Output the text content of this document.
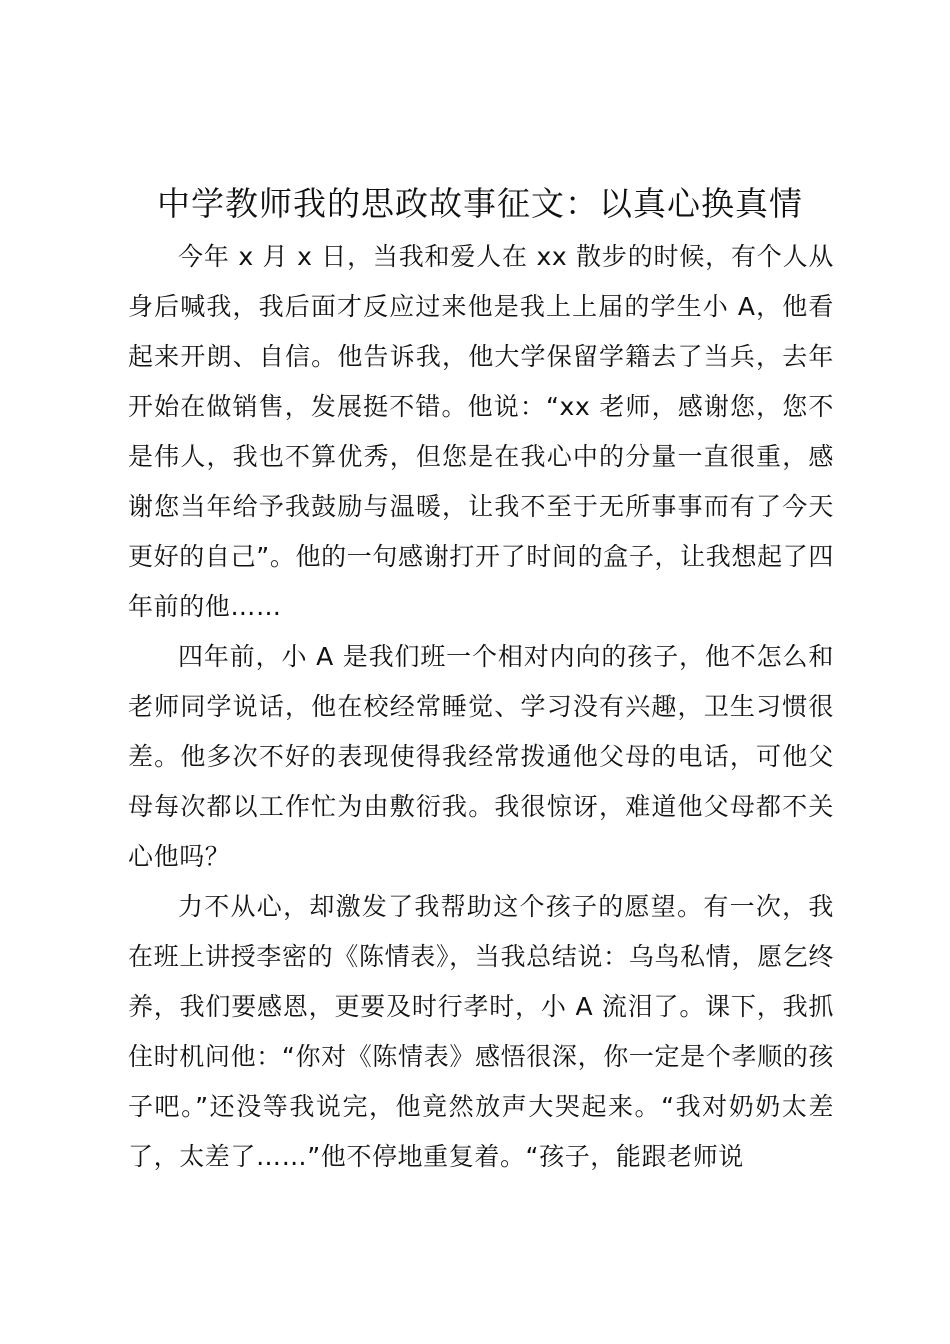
中学教师我的思政故事征文：以真心换真情

今年 x 月 x 日，当我和爱人在 xx 散步的时候，有个人从身后喊我，我后面才反应过来他是我上上届的学生小 A，他看起来开朗、自信。他告诉我，他大学保留学籍去了当兵，去年开始在做销售，发展挺不错。他说：“xx 老师，感谢您，您不是伟人，我也不算优秀，但您是在我心中的分量一直很重，感谢您当年给予我鼓励与温暖，让我不至于无所事事而有了今天更好的自己”。他的一句感谢打开了时间的盒子，让我想起了四年前的他……

四年前，小 A 是我们班一个相对内向的孩子，他不怎么和老师同学说话，他在校经常睡觉、学习没有兴趣，卫生习惯很差。他多次不好的表现使得我经常拨通他父母的电话，可他父母每次都以工作忙为由敷衍我。我很惊讶，难道他父母都不关心他吗？

力不从心，却激发了我帮助这个孩子的愿望。有一次，我在班上讲授李密的《陈情表》，当我总结说：乌鸟私情，愿乞终养，我们要感恩，更要及时行孝时，小 A 流泪了。课下，我抓住时机问他：“你对《陈情表》感悟很深，你一定是个孝顺的孩子吧。”还没等我说完，他竟然放声大哭起来。“我对奶奶太差了，太差了……”他不停地重复着。“孩子，能跟老师说
